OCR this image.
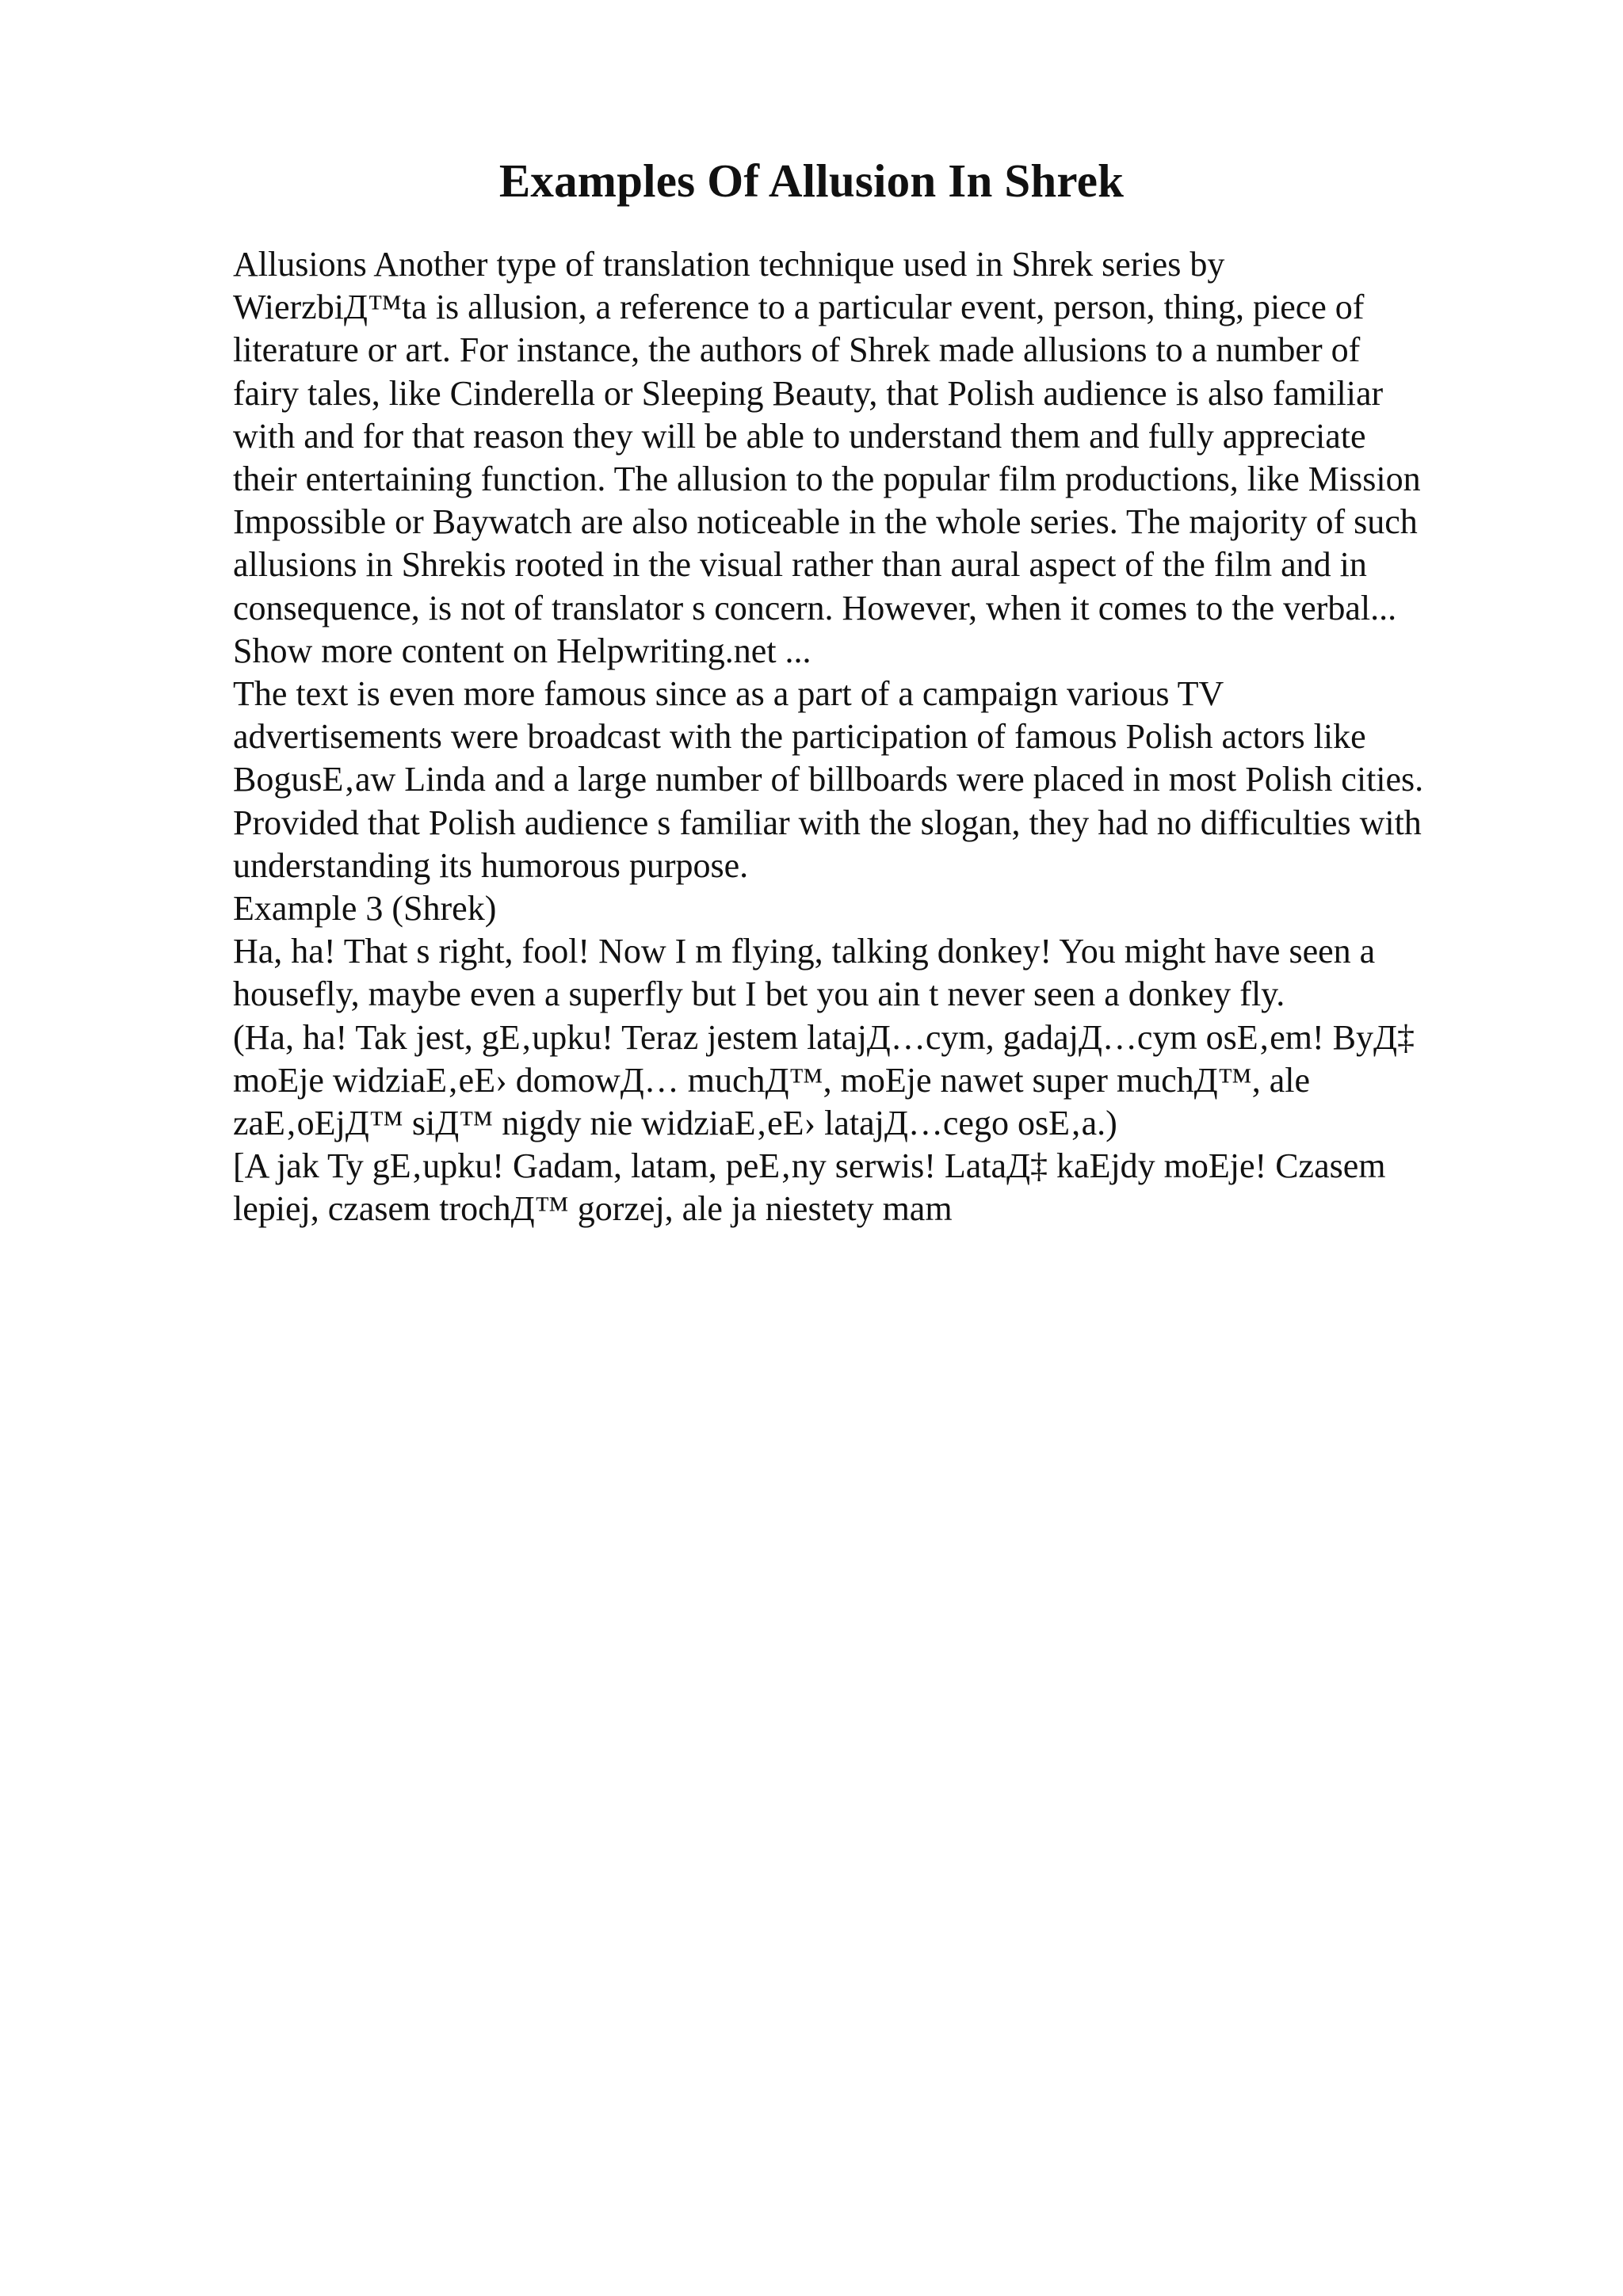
Examples Of Allusion In Shrek
Allusions Another type of translation technique used in Shrek series by
WierzbiД™ta is allusion, a reference to a particular event, person, thing, piece of
literature or art. For instance, the authors of Shrek made allusions to a number of
fairy tales, like Cinderella or Sleeping Beauty, that Polish audience is also familiar
with and for that reason they will be able to understand them and fully appreciate
their entertaining function. The allusion to the popular film productions, like Mission
Impossible or Baywatch are also noticeable in the whole series. The majority of such
allusions in Shrekis rooted in the visual rather than aural aspect of the film and in
consequence, is not of translator s concern. However, when it comes to the verbal...
Show more content on Helpwriting.net ...
The text is even more famous since as a part of a campaign various TV
advertisements were broadcast with the participation of famous Polish actors like
BogusE‚aw Linda and a large number of billboards were placed in most Polish cities.
Provided that Polish audience s familiar with the slogan, they had no difficulties with
understanding its humorous purpose.
Example 3 (Shrek)
Ha, ha! That s right, fool! Now I m flying, talking donkey! You might have seen a
housefly, maybe even a superfly but I bet you ain t never seen a donkey fly.
(Ha, ha! Tak jest, gE‚upku! Teraz jestem latajД…cym, gadajД…cym osE‚em! ByД‡
moЕје widziaE‚eE› domowД… muchД™, moЕје nawet super muchД™, ale
zaE‚oЕјД™ siД™ nigdy nie widziaE‚eE› latajД…cego osE‚a.)
[A jak Ty gE‚upku! Gadam, latam, peE‚ny serwis! LataД‡ kaЕјdy moЕје! Czasem
lepiej, czasem trochД™ gorzej, ale ja niestety mam
